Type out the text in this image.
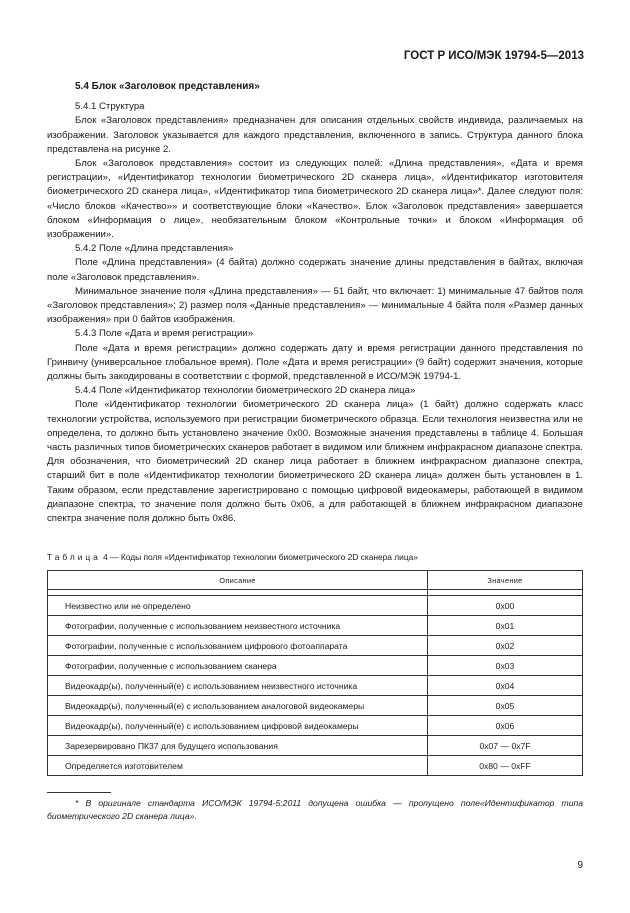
ГОСТ Р ИСО/МЭК 19794-5—2013
5.4 Блок «Заголовок представления»

5.4.1 Структура

Блок «Заголовок представления» предназначен для описания отдельных свойств индивида, различаемых на изображении. Заголовок указывается для каждого представления, включенного в запись. Структура данного блока представлена на рисунке 2.

Блок «Заголовок представления» состоит из следующих полей: «Длина представления», «Дата и время регистрации», «Идентификатор технологии биометрического 2D сканера лица», «Идентификатор изготовителя биометрического 2D сканера лица», «Идентификатор типа биометрического 2D сканера лица»*. Далее следуют поля: «Число блоков «Качество»» и соответствующие блоки «Качество». Блок «Заголовок представления» завершается блоком «Информация о лице», необязательным блоком «Контрольные точки» и блоком «Информация об изображении».

5.4.2 Поле «Длина представления»

Поле «Длина представления» (4 байта) должно содержать значение длины представления в байтах, включая поле «Заголовок представления».

Минимальное значение поля «Длина представления» — 51 байт, что включает: 1) минимальные 47 байтов поля «Заголовок представления»; 2) размер поля «Данные представления» — минимальные 4 байта поля «Размер данных изображения» при 0 байтов изображения.

5.4.3 Поле «Дата и время регистрации»

Поле «Дата и время регистрации» должно содержать дату и время регистрации данного представления по Гринвичу (универсальное глобальное время). Поле «Дата и время регистрации» (9 байт) содержит значения, которые должны быть закодированы в соответствии с формой, представленной в ИСО/МЭК 19794-1.

5.4.4 Поле «Идентификатор технологии биометрического 2D сканера лица»

Поле «Идентификатор технологии биометрического 2D сканера лица» (1 байт) должно содержать класс технологии устройства, используемого при регистрации биометрического образца. Если технология неизвестна или не определена, то должно быть установлено значение 0х00. Возможные значения представлены в таблице 4. Большая часть различных типов биометрических сканеров работает в видимом или ближнем инфракрасном диапазоне спектра. Для обозначения, что биометрический 2D сканер лица работает в ближнем инфракрасном диапазоне спектра, старший бит в поле «Идентификатор технологии биометрического 2D сканера лица» должен быть установлен в 1. Таким образом, если представление зарегистрировано с помощью цифровой видеокамеры, работающей в видимом диапазоне спектра, то значение поля должно быть 0х06, а для работающей в ближнем инфракрасном диапазоне спектра значение поля должно быть 0х86.

Таблица 4 — Коды поля «Идентификатор технологии биометрического 2D сканера лица»
Описание	Значение

Неизвестно или не определено	0х00
Фотографии, полученные с использованием неизвестного источника	0х01
Фотографии, полученные с использованием цифрового фотоаппарата	0х02
Фотографии, полученные с использованием сканера	0х03
Видеокадр(ы), полученный(е) с использованием неизвестного источника	0х04
Видеокадр(ы), полученный(е) с использованием аналоговой видеокамеры	0х05
Видеокадр(ы), полученный(е) с использованием цифровой видеокамеры	0х06
Зарезервировано ПК37 для будущего использования	0х07 — 0х7F
Определяется изготовителем	0х80 — 0хFF
* В оригинале стандарта ИСО/МЭК 19794-5:2011 допущена ошибка — пропущено поле«Идентификатор типа биометрического 2D сканера лица».
9
